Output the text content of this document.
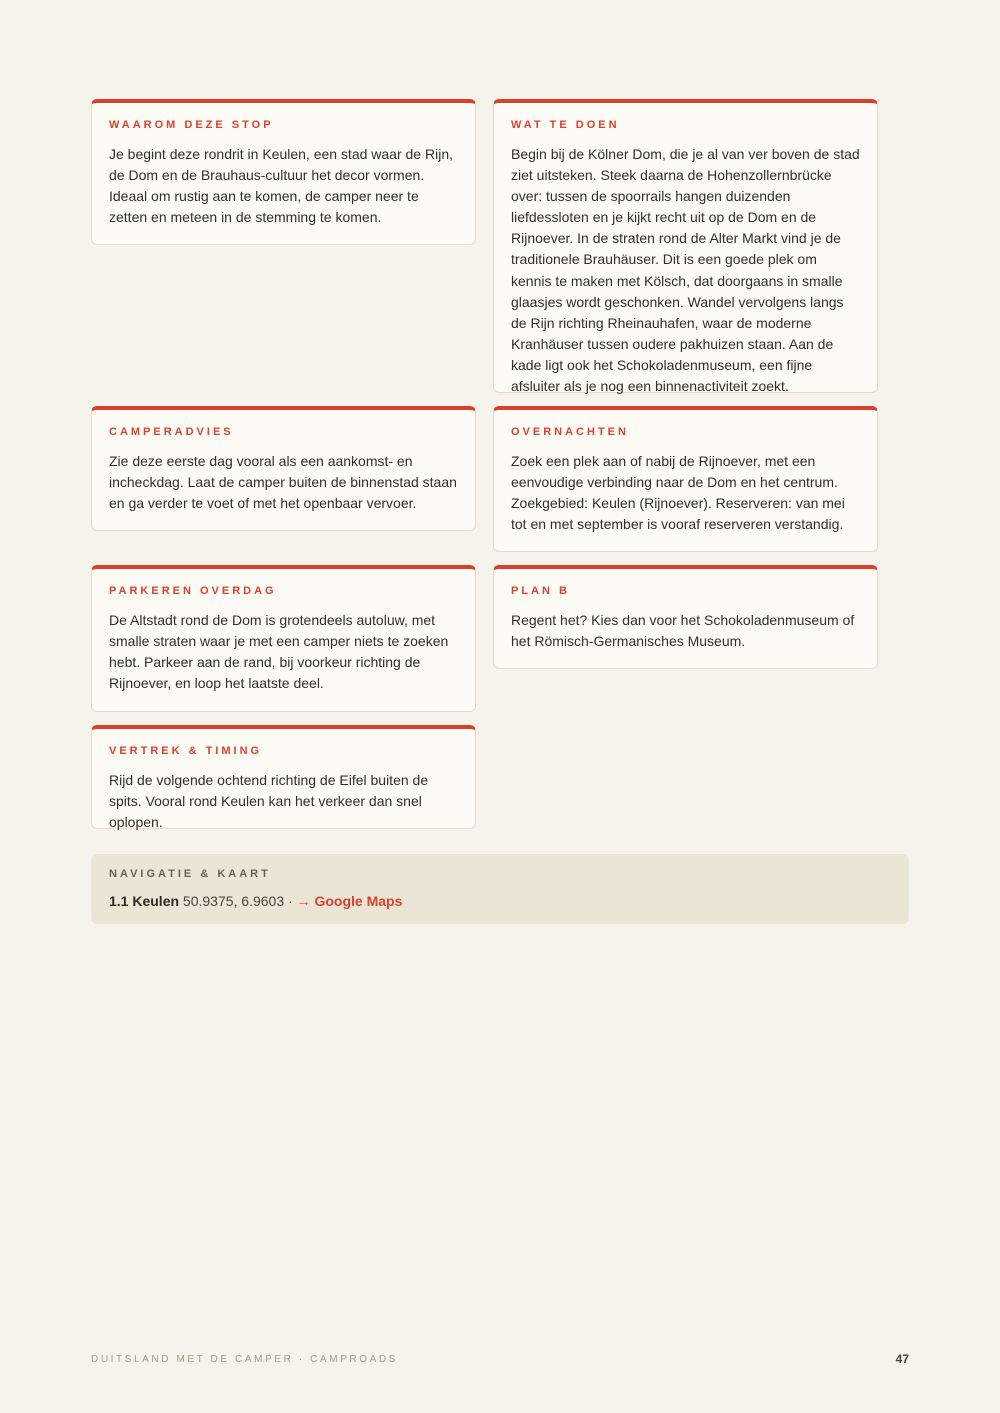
WAAROM DEZE STOP

Je begint deze rondrit in Keulen, een stad waar de Rijn, de Dom en de Brauhaus-cultuur het decor vormen. Ideaal om rustig aan te komen, de camper neer te zetten en meteen in de stemming te komen.

WAT TE DOEN

Begin bij de Kölner Dom, die je al van ver boven de stad ziet uitsteken. Steek daarna de Hohenzollernbrücke over: tussen de spoorrails hangen duizenden liefdessloten en je kijkt recht uit op de Dom en de Rijnoever. In de straten rond de Alter Markt vind je de traditionele Brauhäuser. Dit is een goede plek om kennis te maken met Kölsch, dat doorgaans in smalle glaasjes wordt geschonken. Wandel vervolgens langs de Rijn richting Rheinauhafen, waar de moderne Kranhäuser tussen oudere pakhuizen staan. Aan de kade ligt ook het Schokoladenmuseum, een fijne afsluiter als je nog een binnenactiviteit zoekt.

CAMPERADVIES

Zie deze eerste dag vooral als een aankomst- en incheckdag. Laat de camper buiten de binnenstad staan en ga verder te voet of met het openbaar vervoer.

OVERNACHTEN

Zoek een plek aan of nabij de Rijnoever, met een eenvoudige verbinding naar de Dom en het centrum. Zoekgebied: Keulen (Rijnoever). Reserveren: van mei tot en met september is vooraf reserveren verstandig.

PARKEREN OVERDAG

De Altstadt rond de Dom is grotendeels autoluw, met smalle straten waar je met een camper niets te zoeken hebt. Parkeer aan de rand, bij voorkeur richting de Rijnoever, en loop het laatste deel.

PLAN B

Regent het? Kies dan voor het Schokoladenmuseum of het Römisch-Germanisches Museum.

VERTREK & TIMING

Rijd de volgende ochtend richting de Eifel buiten de spits. Vooral rond Keulen kan het verkeer dan snel oplopen.

NAVIGATIE & KAART

1.1 Keulen 50.9375, 6.9603 · → Google Maps

DUITSLAND MET DE CAMPER · CAMPROADS	47
